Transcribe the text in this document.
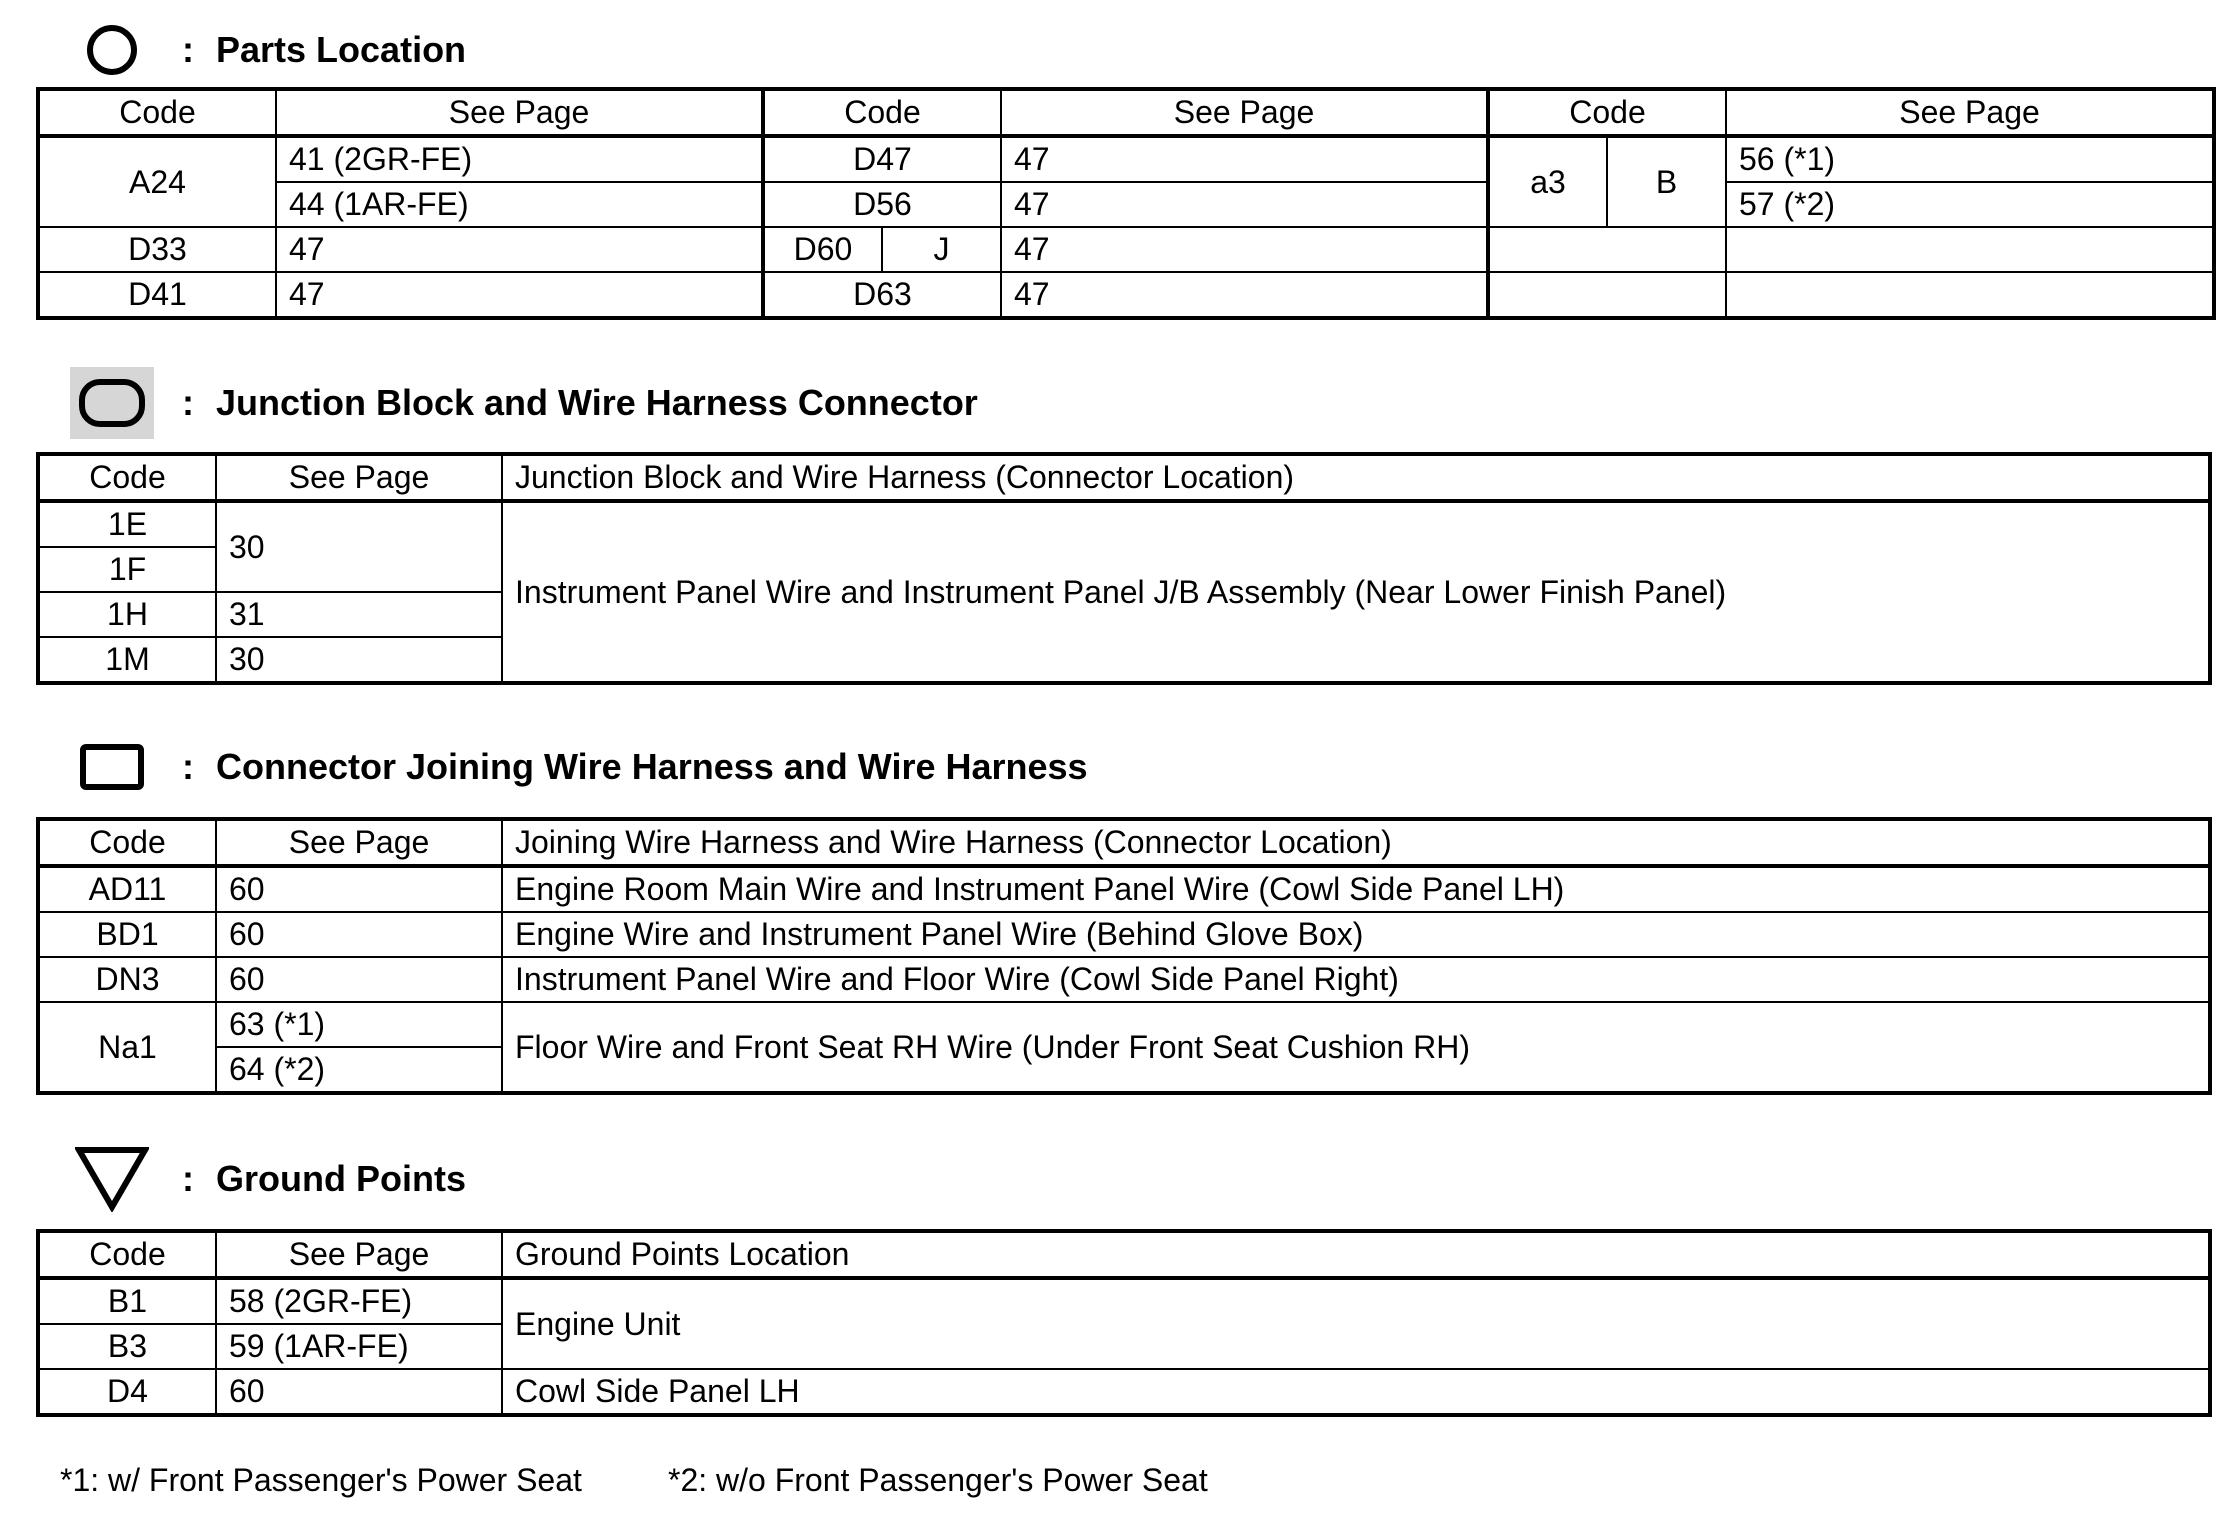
: Parts Location
Code	See Page	Code		See Page	Code		See Page
A24	41 (2GR-FE)	D47		47	a3	B	56 (*1)
	44 (1AR-FE)	D56		47			57 (*2)
D33	47	D60	J	47			
D41	47	D63		47			
: Junction Block and Wire Harness Connector
Code	See Page	Junction Block and Wire Harness (Connector Location)
1E	30	Instrument Panel Wire and Instrument Panel J/B Assembly (Near Lower Finish Panel)
1F		
1H	31	
1M	30	
: Connector Joining Wire Harness and Wire Harness
Code	See Page	Joining Wire Harness and Wire Harness (Connector Location)
AD11	60	Engine Room Main Wire and Instrument Panel Wire (Cowl Side Panel LH)
BD1	60	Engine Wire and Instrument Panel Wire (Behind Glove Box)
DN3	60	Instrument Panel Wire and Floor Wire (Cowl Side Panel Right)
Na1	63 (*1)	Floor Wire and Front Seat RH Wire (Under Front Seat Cushion RH)
	64 (*2)	
: Ground Points
Code	See Page	Ground Points Location
B1	58 (2GR-FE)	Engine Unit
B3	59 (1AR-FE)	
D4	60	Cowl Side Panel LH
*1: w/ Front Passenger's Power Seat	*2: w/o Front Passenger's Power Seat
